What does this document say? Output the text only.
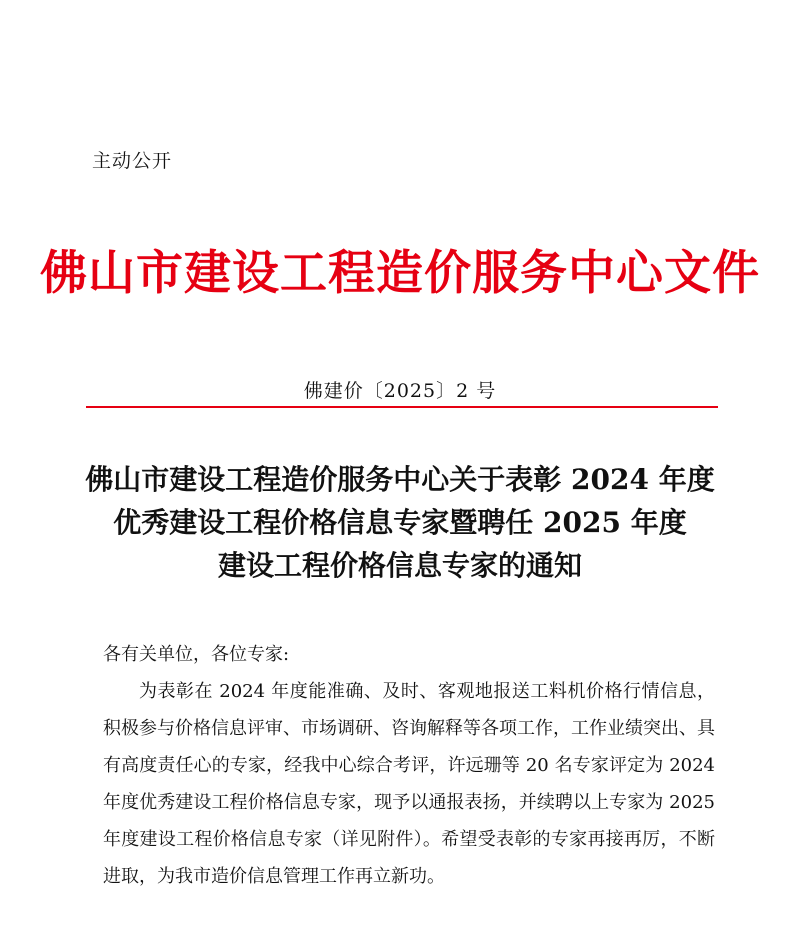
主动公开
佛山市建设工程造价服务中心文件
佛建价〔2025〕2 号
佛山市建设工程造价服务中心关于表彰 2024 年度
优秀建设工程价格信息专家暨聘任 2025 年度
建设工程价格信息专家的通知
各有关单位，各位专家:
为表彰在 2024 年度能准确、及时、客观地报送工料机价格行情信息，积极参与价格信息评审、市场调研、咨询解释等各项工作，工作业绩突出、具有高度责任心的专家，经我中心综合考评，许远珊等 20 名专家评定为 2024 年度优秀建设工程价格信息专家，现予以通报表扬，并续聘以上专家为 2025 年度建设工程价格信息专家（详见附件）。希望受表彰的专家再接再厉，不断进取，为我市造价信息管理工作再立新功。
